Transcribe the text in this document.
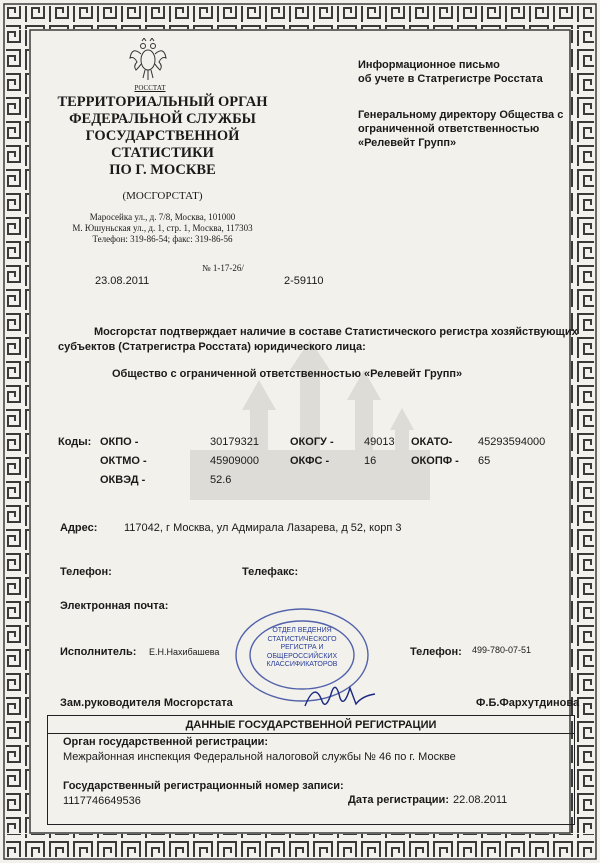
РОССТАТ
ТЕРРИТОРИАЛЬНЫЙ ОРГАН
ФЕДЕРАЛЬНОЙ СЛУЖБЫ
ГОСУДАРСТВЕННОЙ
СТАТИСТИКИ
ПО Г. МОСКВЕ
(МОСГОРСТАТ)
Маросейка ул., д. 7/8, Москва, 101000
М. Юшуньская ул., д. 1, стр. 1, Москва, 117303
Телефон: 319-86-54; факс: 319-86-56
№ 1-17-26/
23.08.2011	2-59110
Информационное письмо
об учете в Статрегистре Росстата
Генеральному директору Общества с
ограниченной ответственностью
«Релевейт Групп»
Мосгорстат подтверждает наличие в составе Статистического регистра хозяйствующих
субъектов (Статрегистра Росстата) юридического лица:
Общество с ограниченной ответственностью «Релевейт Групп»
Коды: ОКПО -	30179321	ОКОГУ -	49013 ОКАТО- 45293594000
ОКТМО -	45909000	ОКФС -	16	ОКОПФ - 65
ОКВЭД -	52.6
Адрес: 117042, г Москва, ул Адмирала Лазарева, д 52, корп 3
Телефон:	Телефакс:
Электронная почта:
Исполнитель: Е.Н.Нахибашева	Телефон: 499-780-07-51
ОТДЕЛ ВЕДЕНИЯ
СТАТИСТИЧЕСКОГО
РЕГИСТРА И
ОБЩЕРОССИЙСКИХ
КЛАССИФИКАТОРОВ
Зам.руководителя Мосгорстата	Ф.Б.Фархутдинова
ДАННЫЕ ГОСУДАРСТВЕННОЙ РЕГИСТРАЦИИ
Орган государственной регистрации:
Межрайонная инспекция Федеральной налоговой службы № 46 по г. Москве
Государственный регистрационный номер записи:
1117746649536	Дата регистрации: 22.08.2011
